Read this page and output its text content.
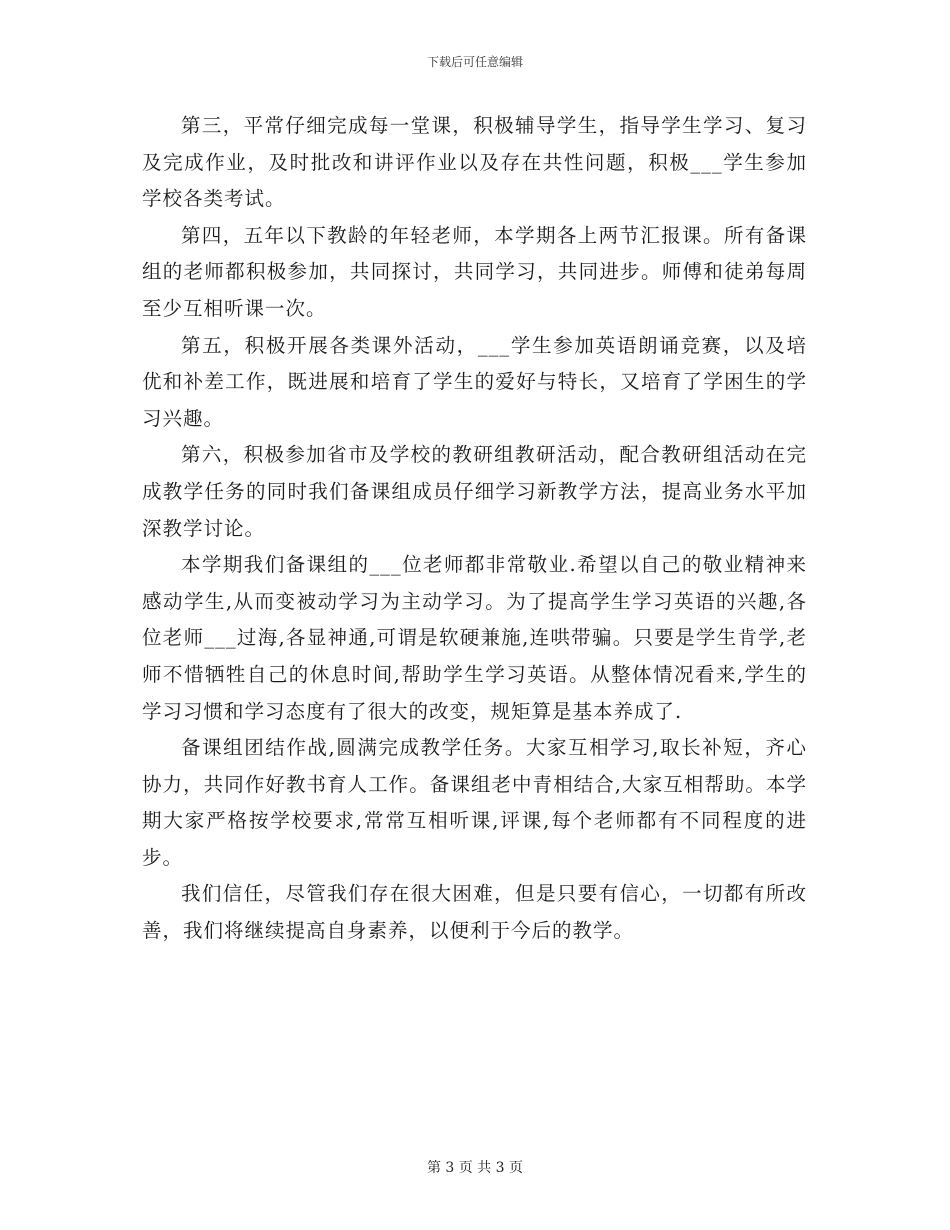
下载后可任意编辑

第三，平常仔细完成每一堂课，积极辅导学生，指导学生学习、复习及完成作业，及时批改和讲评作业以及存在共性问题，积极___学生参加学校各类考试。

第四，五年以下教龄的年轻老师，本学期各上两节汇报课。所有备课组的老师都积极参加，共同探讨，共同学习，共同进步。师傅和徒弟每周至少互相听课一次。

第五，积极开展各类课外活动，___学生参加英语朗诵竞赛，以及培优和补差工作，既进展和培育了学生的爱好与特长，又培育了学困生的学习兴趣。

第六，积极参加省市及学校的教研组教研活动，配合教研组活动在完成教学任务的同时我们备课组成员仔细学习新教学方法，提高业务水平加深教学讨论。

本学期我们备课组的___位老师都非常敬业.希望以自己的敬业精神来感动学生,从而变被动学习为主动学习。为了提高学生学习英语的兴趣,各位老师___过海,各显神通,可谓是软硬兼施,连哄带骗。只要是学生肯学,老师不惜牺牲自己的休息时间,帮助学生学习英语。从整体情况看来,学生的学习习惯和学习态度有了很大的改变，规矩算是基本养成了.

备课组团结作战,圆满完成教学任务。大家互相学习,取长补短，齐心协力，共同作好教书育人工作。备课组老中青相结合,大家互相帮助。本学期大家严格按学校要求,常常互相听课,评课,每个老师都有不同程度的进步。

我们信任，尽管我们存在很大困难，但是只要有信心，一切都有所改善，我们将继续提高自身素养，以便利于今后的教学。

第 3 页 共 3 页
